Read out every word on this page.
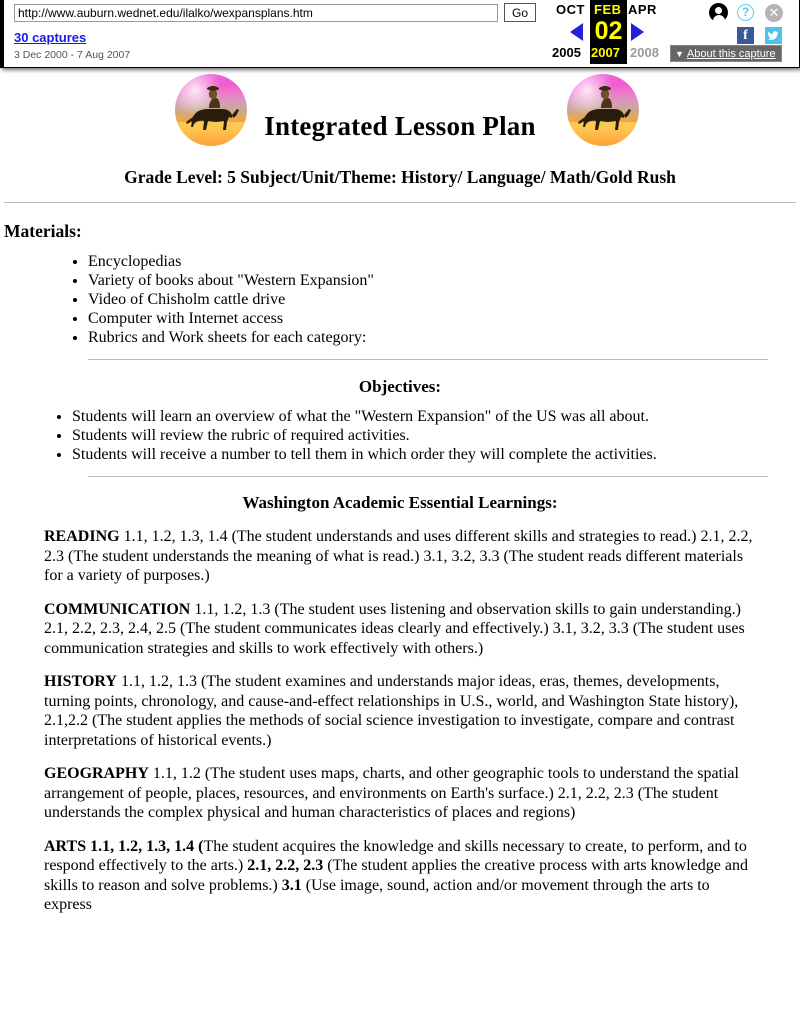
http://www.auburn.wednet.edu/ilalko/wexpansplans.htm
Go
30 captures
3 Dec 2000 - 7 Aug 2007
OCT FEB APR
02
2005 2007 2008
?	✕
f
▼ About this capture
Integrated Lesson Plan
Grade Level: 5 Subject/Unit/Theme: History/ Language/ Math/Gold Rush
Materials:
• Encyclopedias
• Variety of books about "Western Expansion"
• Video of Chisholm cattle drive
• Computer with Internet access
• Rubrics and Work sheets for each category:
Objectives:
• Students will learn an overview of what the "Western Expansion" of the US was all about.
• Students will review the rubric of required activities.
• Students will receive a number to tell them in which order they will complete the activities.
Washington Academic Essential Learnings:
READING 1.1, 1.2, 1.3, 1.4 (The student understands and uses different skills and strategies to read.) 2.1, 2.2, 2.3 (The student understands the meaning of what is read.) 3.1, 3.2, 3.3 (The student reads different materials for a variety of purposes.)
COMMUNICATION 1.1, 1.2, 1.3 (The student uses listening and observation skills to gain understanding.) 2.1, 2.2, 2.3, 2.4, 2.5 (The student communicates ideas clearly and effectively.) 3.1, 3.2, 3.3 (The student uses communication strategies and skills to work effectively with others.)
HISTORY 1.1, 1.2, 1.3 (The student examines and understands major ideas, eras, themes, developments, turning points, chronology, and cause-and-effect relationships in U.S., world, and Washington State history), 2.1,2.2 (The student applies the methods of social science investigation to investigate, compare and contrast interpretations of historical events.)
GEOGRAPHY 1.1, 1.2 (The student uses maps, charts, and other geographic tools to understand the spatial arrangement of people, places, resources, and environments on Earth's surface.) 2.1, 2.2, 2.3 (The student understands the complex physical and human characteristics of places and regions)
ARTS 1.1, 1.2, 1.3, 1.4 (The student acquires the knowledge and skills necessary to create, to perform, and to respond effectively to the arts.) 2.1, 2.2, 2.3 (The student applies the creative process with arts knowledge and skills to reason and solve problems.) 3.1 (Use image, sound, action and/or movement through the arts to express
